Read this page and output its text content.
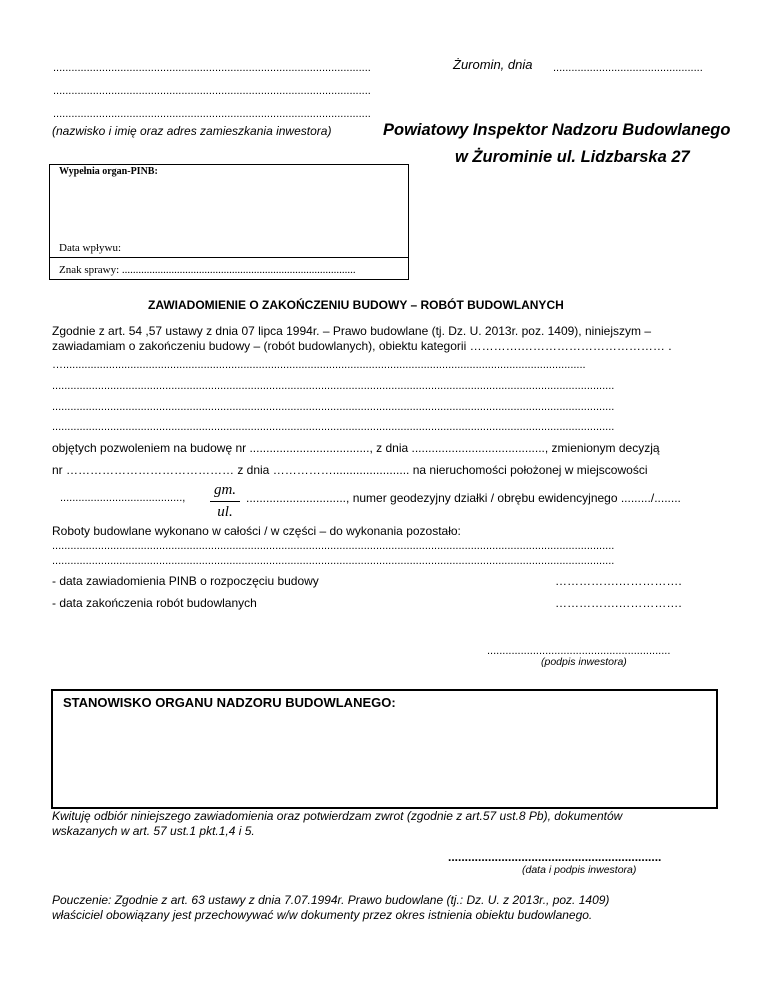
........................................................................................................
........................................................................................................
........................................................................................................
(nazwisko i imię oraz adres zamieszkania inwestora)
Żuromin, dnia .................................................
Powiatowy Inspektor Nadzoru Budowlanego
w Żurominie ul. Lidzbarska 27
Wypełnia organ-PINB:
Data wpływu:
Znak sprawy: .....................................................................................
ZAWIADOMIENIE O ZAKOŃCZENIU BUDOWY – ROBÓT BUDOWLANYCH
Zgodnie z art. 54 ,57 ustawy z dnia 07 lipca 1994r. – Prawo budowlane (tj. Dz. U. 2013r. poz. 1409), niniejszym –
zawiadamiam o zakończeniu budowy – (robót budowlanych), obiektu kategorii ………….……………………………… .
…...........................................................................................................................................................................
........................................................................................................................................................................................
........................................................................................................................................................................................
........................................................................................................................................................................................
objętych pozwoleniem na budowę nr ...................................., z dnia ........................................, zmienionym decyzją
nr …………………………………… z dnia ……………....................... na nieruchomości położonej w miejscowości
........................................, gm.
ul.
.............................., numer geodezyjny działki / obrębu ewidencyjnego ........./........
Roboty budowlane wykonano w całości / w części – do wykonania pozostało:
........................................................................................................................................................................................
........................................................................................................................................................................................
- data zawiadomienia PINB o rozpoczęciu budowy	…………….…………….
- data zakończenia robót budowlanych	…………….…………….
............................................................
(podpis inwestora)
STANOWISKO ORGANU NADZORU BUDOWLANEGO:
Kwituję odbiór niniejszego zawiadomienia oraz potwierdzam zwrot (zgodnie z art.57 ust.8 Pb), dokumentów
wskazanych w art. 57 ust.1 pkt.1,4 i 5.
................................................................
(data i podpis inwestora)
Pouczenie: Zgodnie z art. 63 ustawy z dnia 7.07.1994r. Prawo budowlane (tj.: Dz. U. z 2013r., poz. 1409)
właściciel obowiązany jest przechowywać w/w dokumenty przez okres istnienia obiektu budowlanego.
